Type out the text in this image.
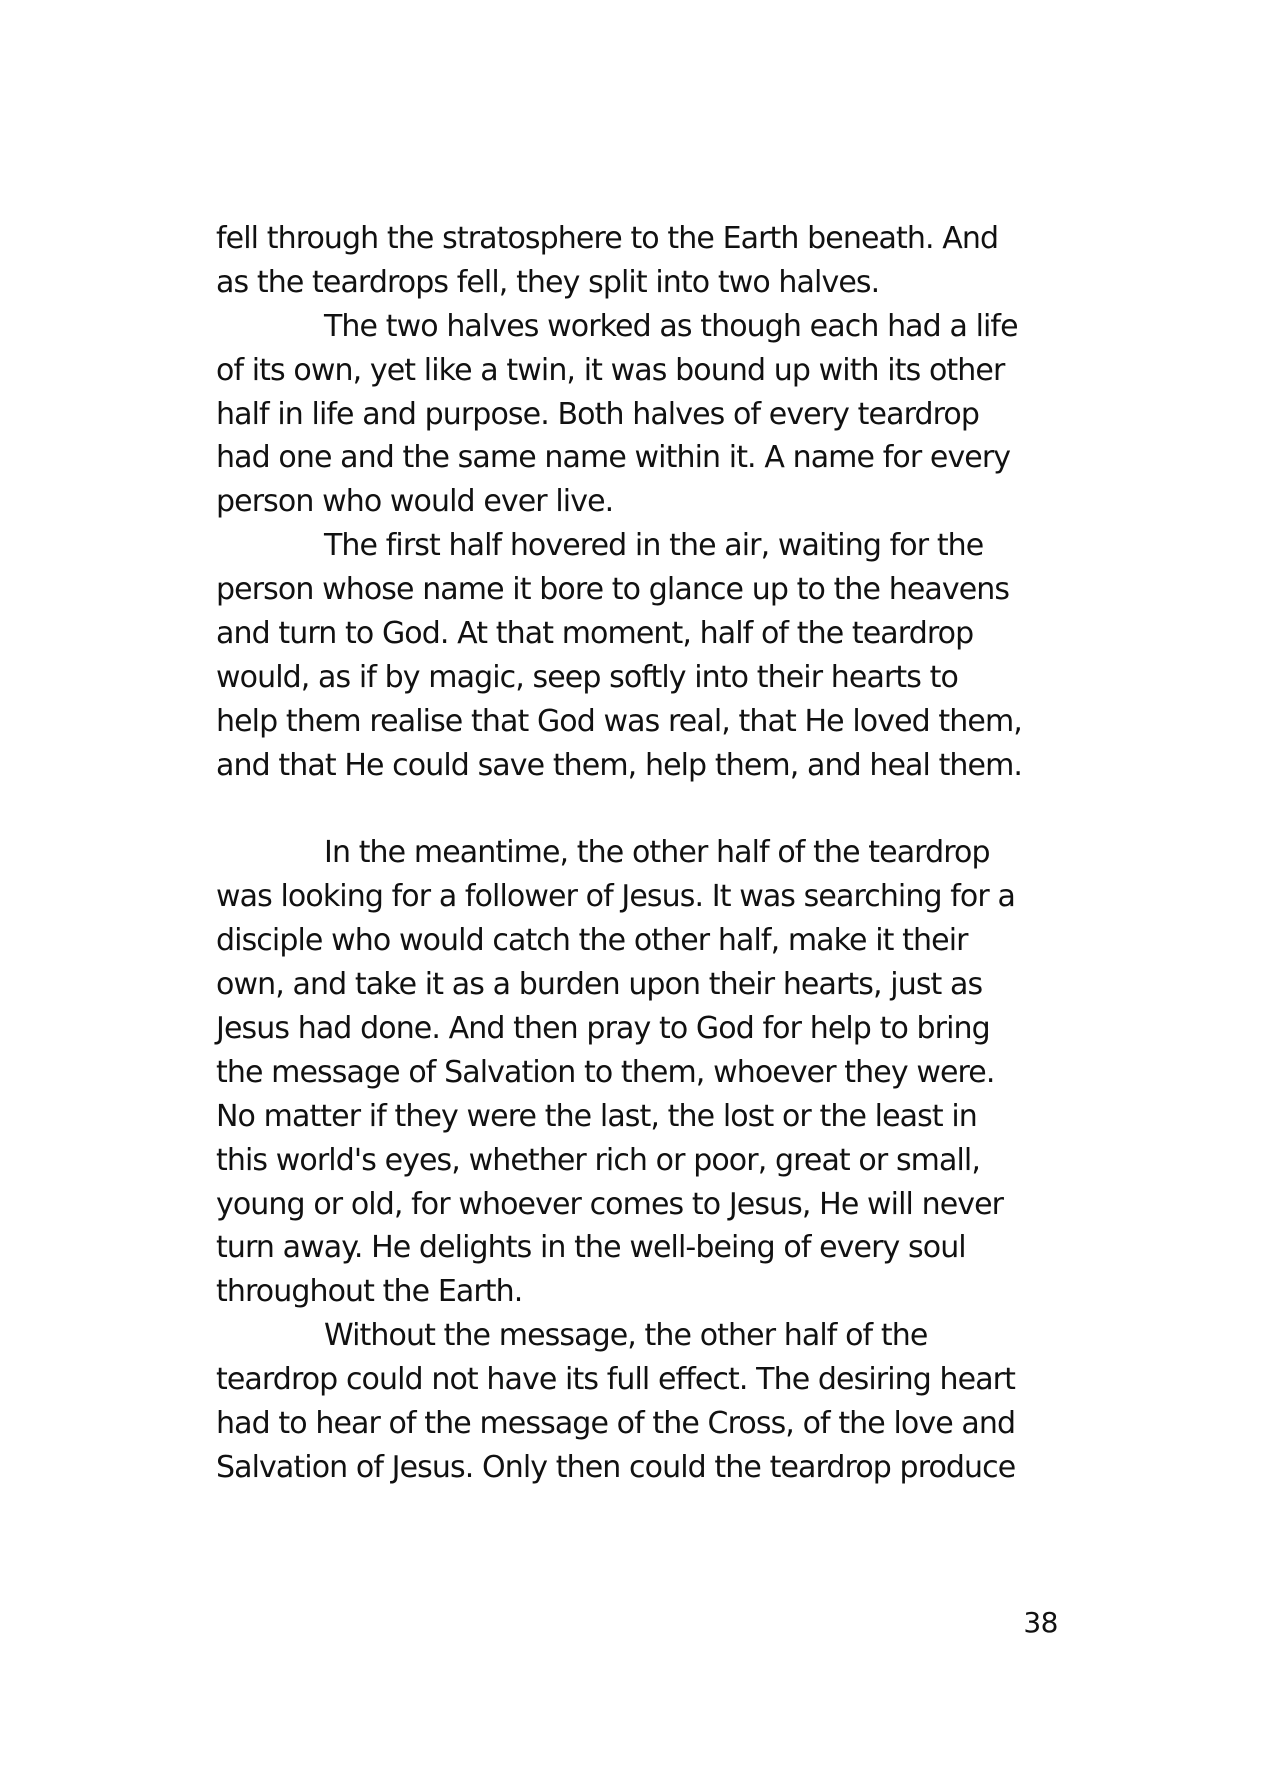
fell through the stratosphere to the Earth beneath. And
as the teardrops fell, they split into two halves.
The two halves worked as though each had a life
of its own, yet like a twin, it was bound up with its other
half in life and purpose. Both halves of every teardrop
had one and the same name within it. A name for every
person who would ever live.
The first half hovered in the air, waiting for the
person whose name it bore to glance up to the heavens
and turn to God. At that moment, half of the teardrop
would, as if by magic, seep softly into their hearts to
help them realise that God was real, that He loved them,
and that He could save them, help them, and heal them.
In the meantime, the other half of the teardrop
was looking for a follower of Jesus. It was searching for a
disciple who would catch the other half, make it their
own, and take it as a burden upon their hearts, just as
Jesus had done. And then pray to God for help to bring
the message of Salvation to them, whoever they were.
No matter if they were the last, the lost or the least in
this world's eyes, whether rich or poor, great or small,
young or old, for whoever comes to Jesus, He will never
turn away. He delights in the well-being of every soul
throughout the Earth.
Without the message, the other half of the
teardrop could not have its full effect. The desiring heart
had to hear of the message of the Cross, of the love and
Salvation of Jesus. Only then could the teardrop produce
38
